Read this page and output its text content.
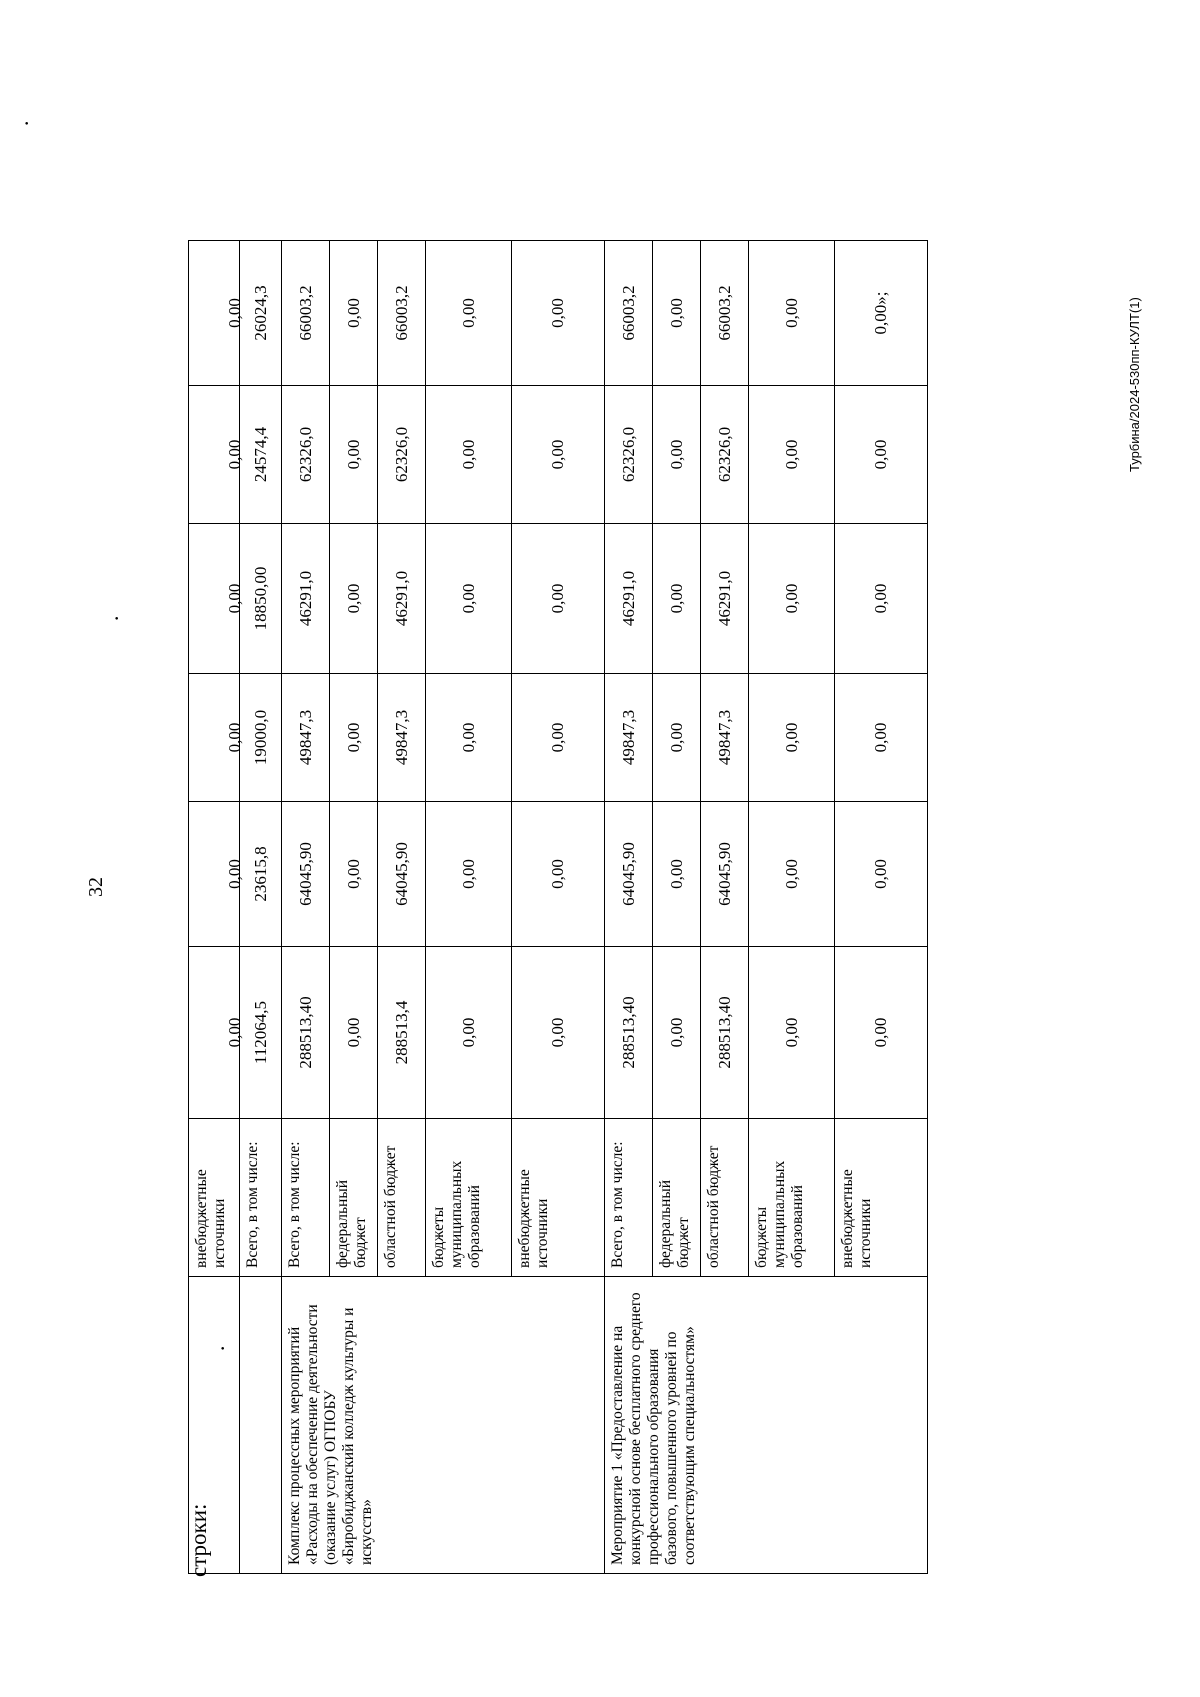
32
Турбина/2024-530пп-КУЛТ(1)
·
·
·
	внебюджетные источники	0,00	0,00	0,00	0,00	0,00	0,00
Комплекс процессных мероприятий «Расходы на обеспечение деятельности (оказание услуг) ОГПОБУ «Биробиджанский колледж культуры и искусств»	Всего, в том числе:	288513,40	64045,90	49847,3	46291,0	62326,0	66003,2
	федеральный бюджет	0,00	0,00	0,00	0,00	0,00	0,00
	областной бюджет	288513,4	64045,90	49847,3	46291,0	62326,0	66003,2
	бюджеты муниципальных образований	0,00	0,00	0,00	0,00	0,00	0,00
	внебюджетные источники	0,00	0,00	0,00	0,00	0,00	0,00
Мероприятие 1 «Предоставление на конкурсной основе бесплатного среднего профессионального образования базового, повышенного уровней по соответствующим специальностям»	Всего, в том числе:	288513,40	64045,90	49847,3	46291,0	62326,0	66003,2
	федеральный бюджет	0,00	0,00	0,00	0,00	0,00	0,00
	областной бюджет	288513,40	64045,90	49847,3	46291,0	62326,0	66003,2
	бюджеты муниципальных образований	0,00	0,00	0,00	0,00	0,00	0,00
	внебюджетные источники	0,00	0,00	0,00	0,00	0,00	0,00»;
строки:
	Всего, в том числе:	112064,5	23615,8	19000,0	18850,00	24574,4	26024,3
